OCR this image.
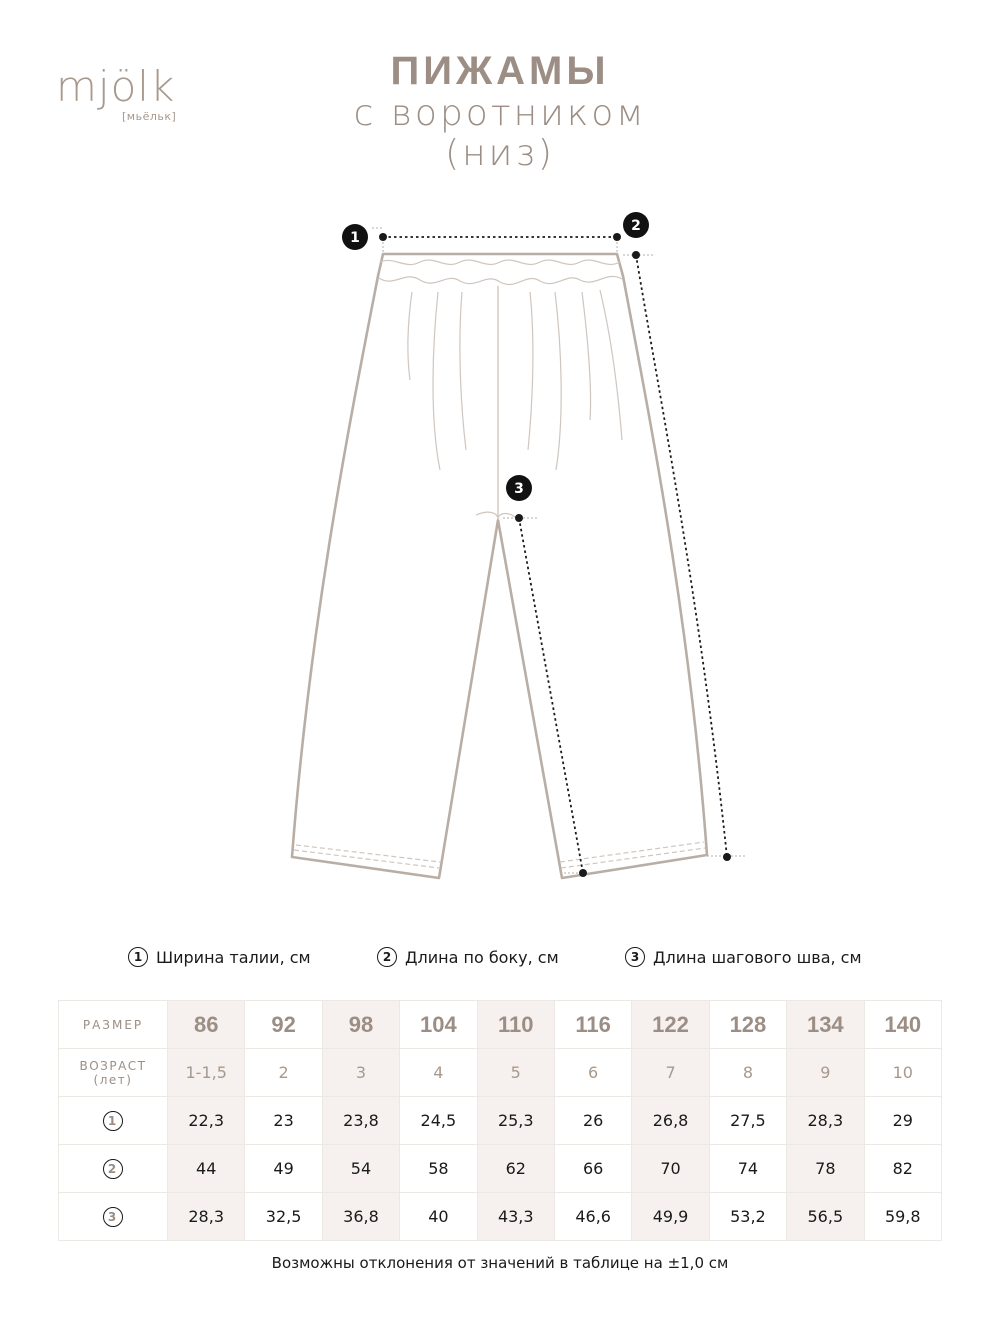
mjölk
[мьёльк]
ПИЖАМЫ
с воротником
(низ)
1
2
3
1 Ширина талии, см	2 Длина по боку, см	3 Длина шагового шва, см
РАЗМЕР	86	92	98	104	110	116	122	128	134	140

ВОЗРАСТ
(лет)	1-1,5	2	3	4	5	6	7	8	9	10
1	22,3	23	23,8	24,5	25,3	26	26,8	27,5	28,3	29
2	44	49	54	58	62	66	70	74	78	82
3	28,3	32,5	36,8	40	43,3	46,6	49,9	53,2	56,5	59,8
Возможны отклонения от значений в таблице на ±1,0 см
